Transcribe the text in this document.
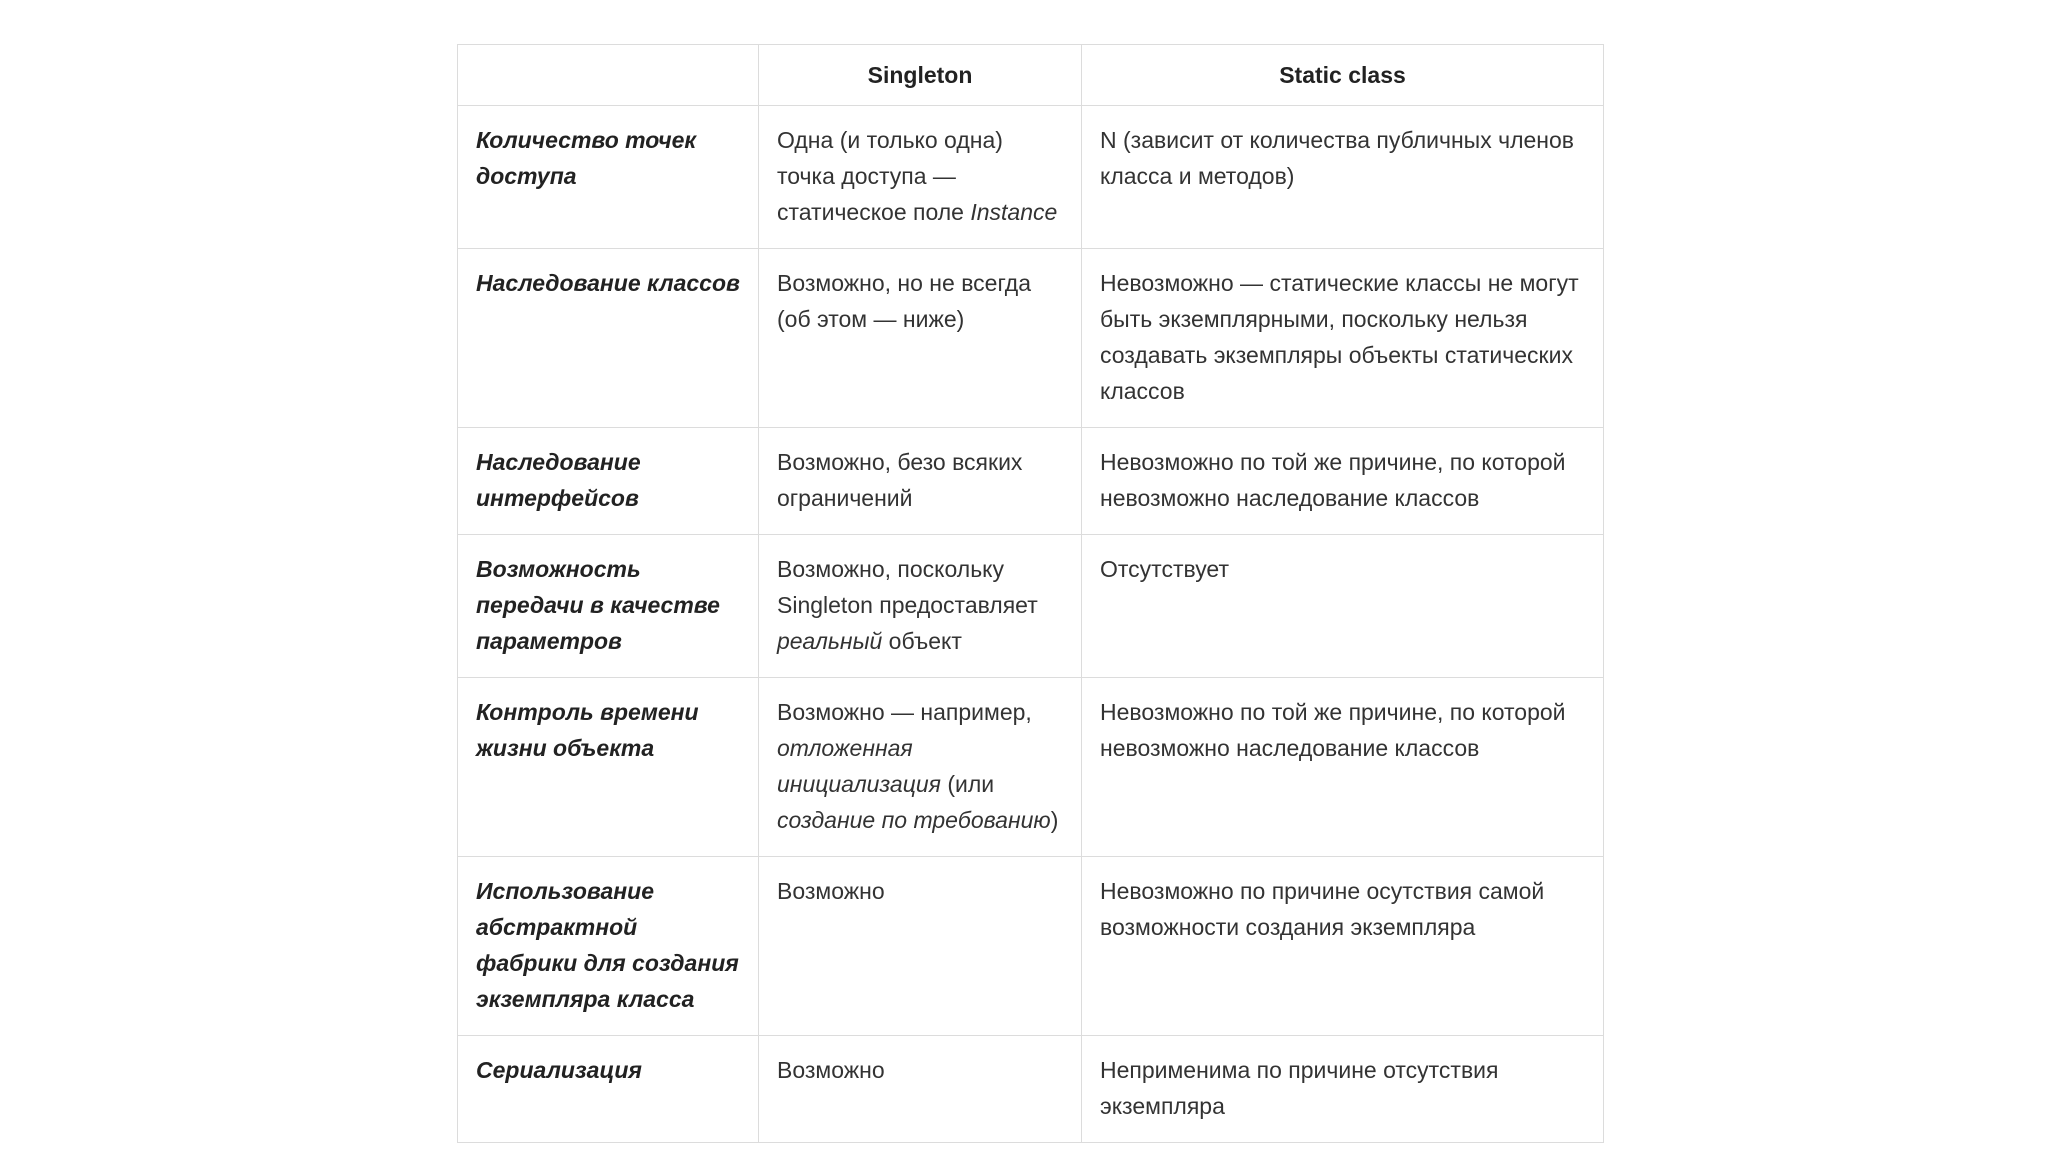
	Singleton	Static class
Количество точек доступа	Одна (и только одна) точка доступа — статическое поле Instance	N (зависит от количества публичных членов класса и методов)
Наследование классов	Возможно, но не всегда (об этом — ниже)	Невозможно — статические классы не могут быть экземплярными, поскольку нельзя создавать экземпляры объекты статических классов
Наследование интерфейсов	Возможно, безо всяких ограничений	Невозможно по той же причине, по которой невозможно наследование классов
Возможность передачи в качестве параметров	Возможно, поскольку Singleton предоставляет реальный объект	Отсутствует
Контроль времени жизни объекта	Возможно — например, отложенная инициализация (или создание по требованию)	Невозможно по той же причине, по которой невозможно наследование классов
Использование абстрактной фабрики для создания экземпляра класса	Возможно	Невозможно по причине осутствия самой возможности создания экземпляра
Сериализация	Возможно	Неприменима по причине отсутствия экземпляра
